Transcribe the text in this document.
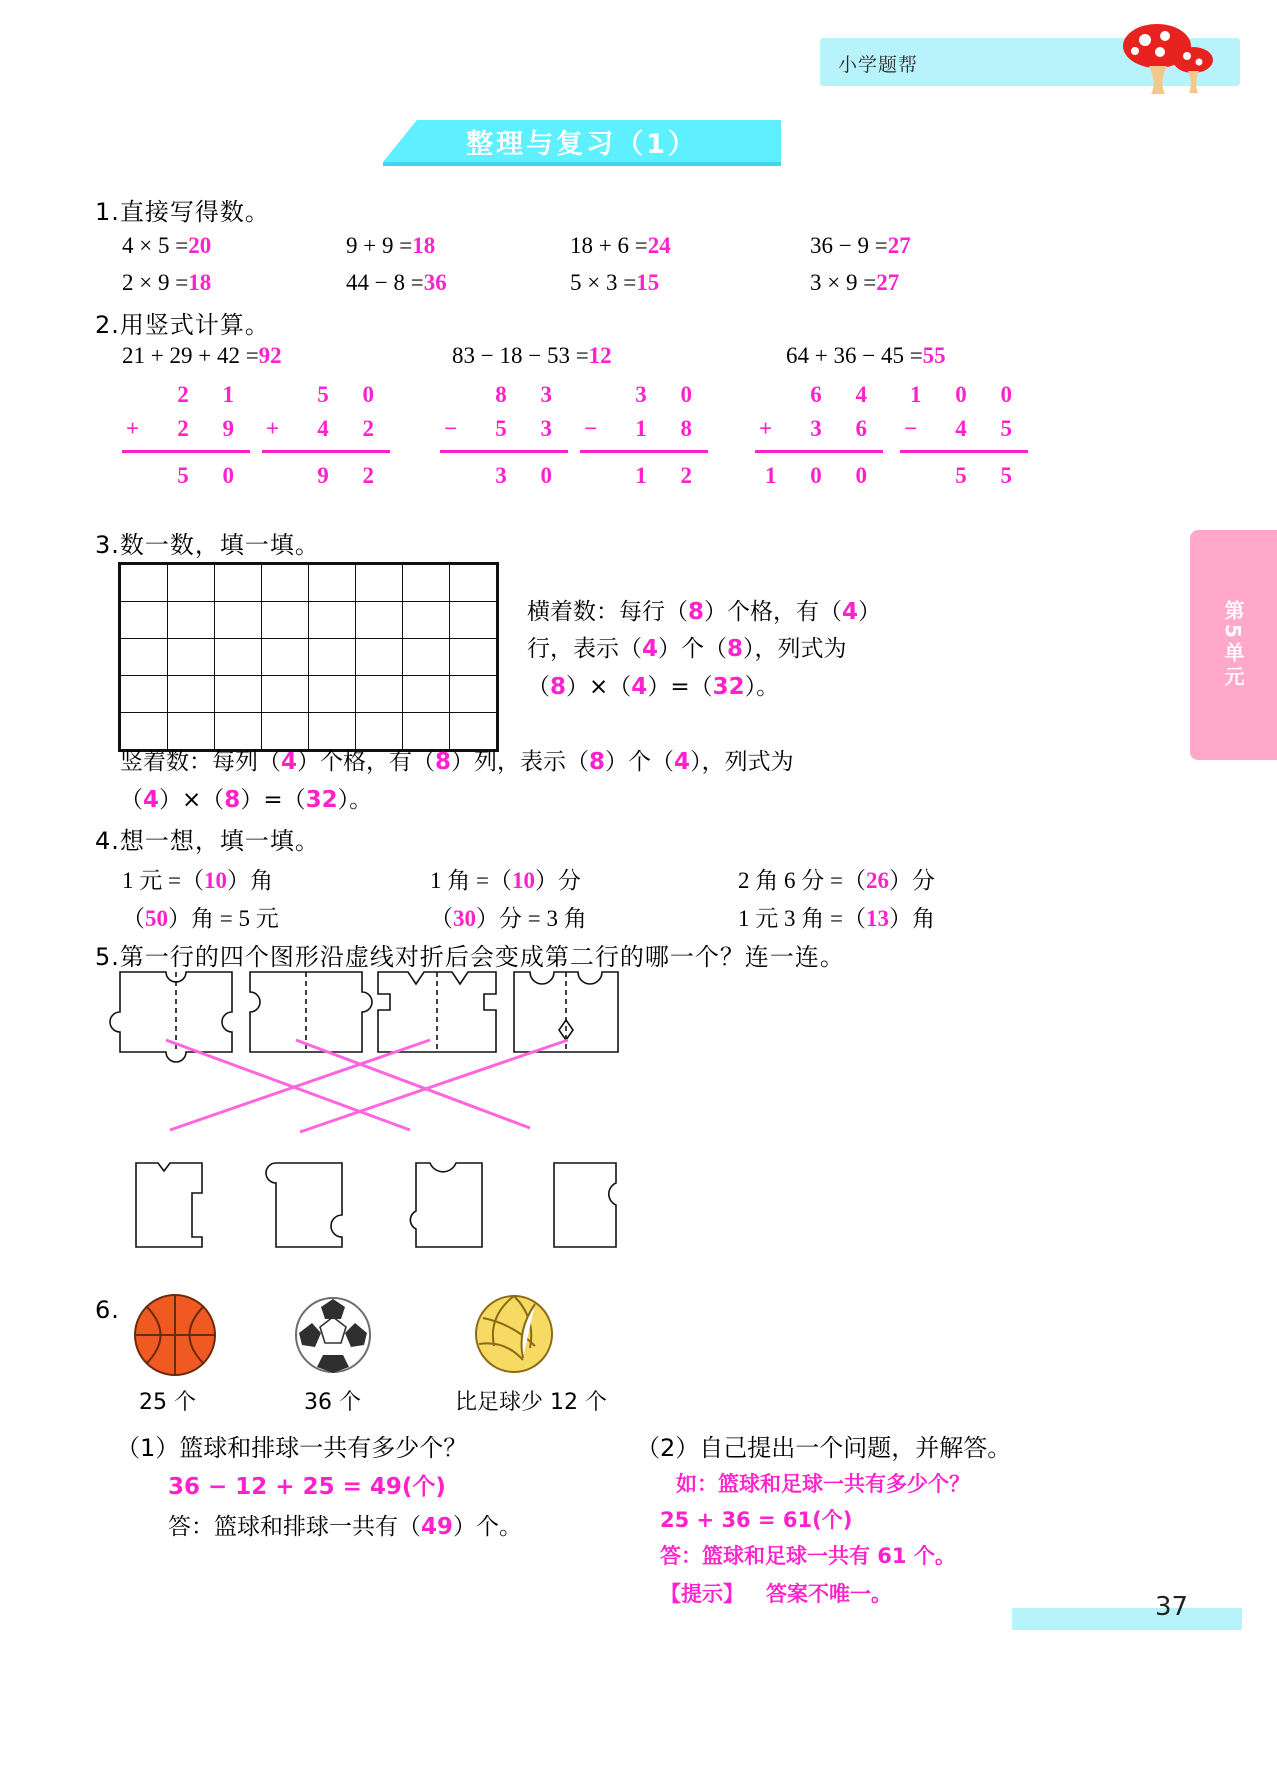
小学题帮
整理与复习（1）
第5单元
1.直接写得数。
4 × 5 =20	9 + 9 =18	18 + 6 =24	36 − 9 =27
2 × 9 =18	44 − 8 =36	5 × 3 =15	3 × 9 =27
2.用竖式计算。
21 + 29 + 42 =92	83 − 18 − 53 =12	64 + 36 − 45 =55
2 1
+ 2 9
5 0
5 0
+ 4 2
9 2
8 3
− 5 3
3 0
3 0
− 1 8
1 2
6 4
+ 3 6
1 0 0
1 0 0
− 4 5
5 5
3.数一数，填一填。

横着数：每行（8）个格，有（4）
行，表示（4）个（8），列式为
（8）×（4）=（32）。
竖着数：每列（4）个格，有（8）列，表示（8）个（4），列式为
（4）×（8）=（32）。
4.想一想，填一填。
1 元 =（10）角	1 角 =（10）分	2 角 6 分 =（26）分
（50）角 = 5 元	（30）分 = 3 角	1 元 3 角 =（13）角
5.第一行的四个图形沿虚线对折后会变成第二行的哪一个？连一连。
6.
25 个	36 个	比足球少 12 个
（1）篮球和排球一共有多少个？
36 − 12 + 25 = 49(个)
答：篮球和排球一共有（49）个。
（2）自己提出一个问题，并解答。
如：篮球和足球一共有多少个？
25 + 36 = 61(个)
答：篮球和足球一共有 61 个。
【提示】 答案不唯一。	37
